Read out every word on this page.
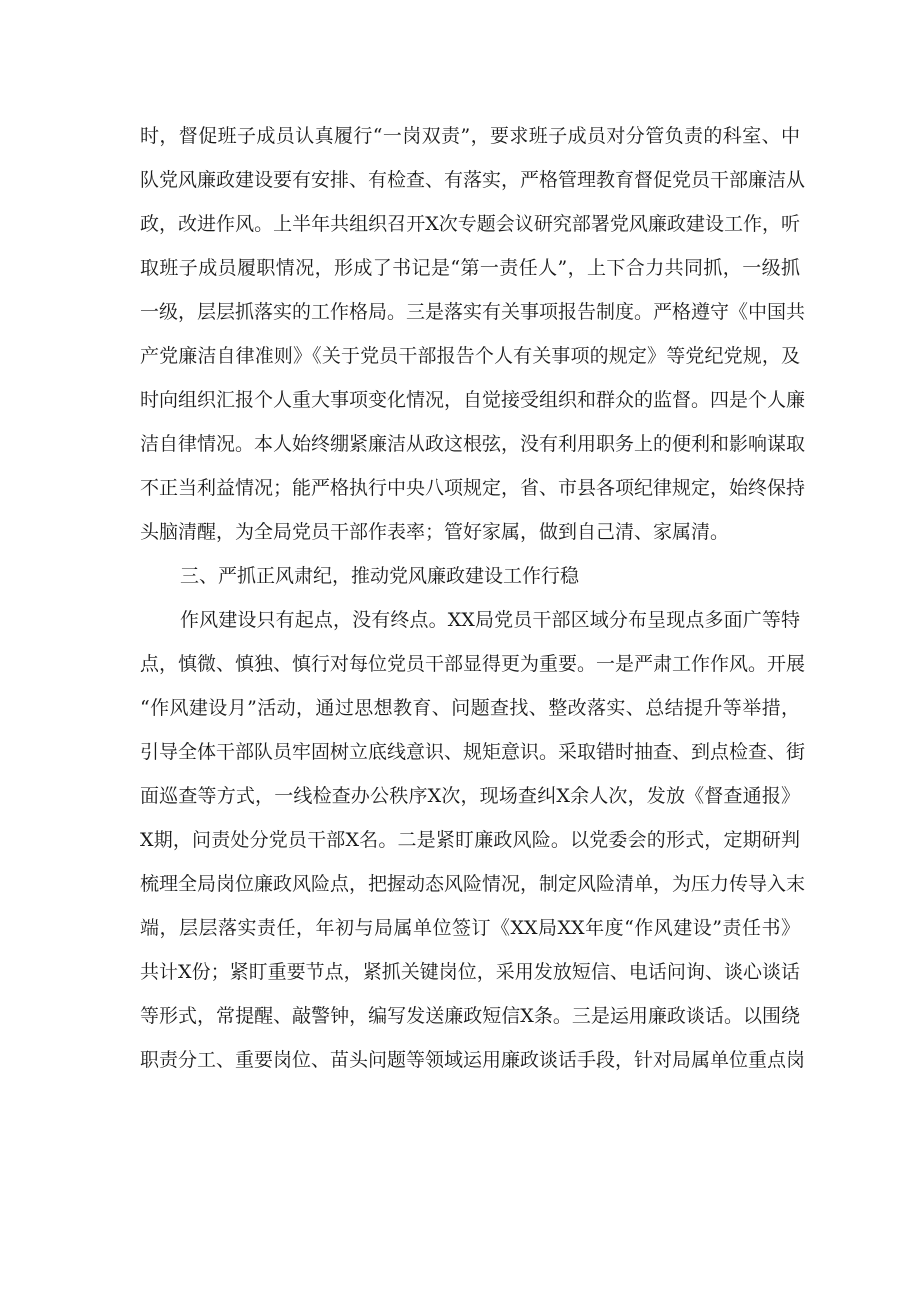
时，督促班子成员认真履行“一岗双责”，要求班子成员对分管负责的科室、中
队党风廉政建设要有安排、有检查、有落实，严格管理教育督促党员干部廉洁从
政，改进作风。上半年共组织召开X次专题会议研究部署党风廉政建设工作，听
取班子成员履职情况，形成了书记是“第一责任人”，上下合力共同抓，一级抓
一级，层层抓落实的工作格局。三是落实有关事项报告制度。严格遵守《中国共
产党廉洁自律准则》《关于党员干部报告个人有关事项的规定》等党纪党规，及
时向组织汇报个人重大事项变化情况，自觉接受组织和群众的监督。四是个人廉
洁自律情况。本人始终绷紧廉洁从政这根弦，没有利用职务上的便利和影响谋取
不正当利益情况；能严格执行中央八项规定，省、市县各项纪律规定，始终保持
头脑清醒，为全局党员干部作表率；管好家属，做到自己清、家属清。
三、严抓正风肃纪，推动党风廉政建设工作行稳
作风建设只有起点，没有终点。XX局党员干部区域分布呈现点多面广等特
点，慎微、慎独、慎行对每位党员干部显得更为重要。一是严肃工作作风。开展
“作风建设月”活动，通过思想教育、问题查找、整改落实、总结提升等举措，
引导全体干部队员牢固树立底线意识、规矩意识。采取错时抽查、到点检查、街
面巡查等方式，一线检查办公秩序X次，现场查纠X余人次，发放《督查通报》
X期，问责处分党员干部X名。二是紧盯廉政风险。以党委会的形式，定期研判
梳理全局岗位廉政风险点，把握动态风险情况，制定风险清单，为压力传导入末
端，层层落实责任，年初与局属单位签订《XX局XX年度“作风建设”责任书》
共计X份；紧盯重要节点，紧抓关键岗位，采用发放短信、电话问询、谈心谈话
等形式，常提醒、敲警钟，编写发送廉政短信X条。三是运用廉政谈话。以围绕
职责分工、重要岗位、苗头问题等领域运用廉政谈话手段，针对局属单位重点岗
